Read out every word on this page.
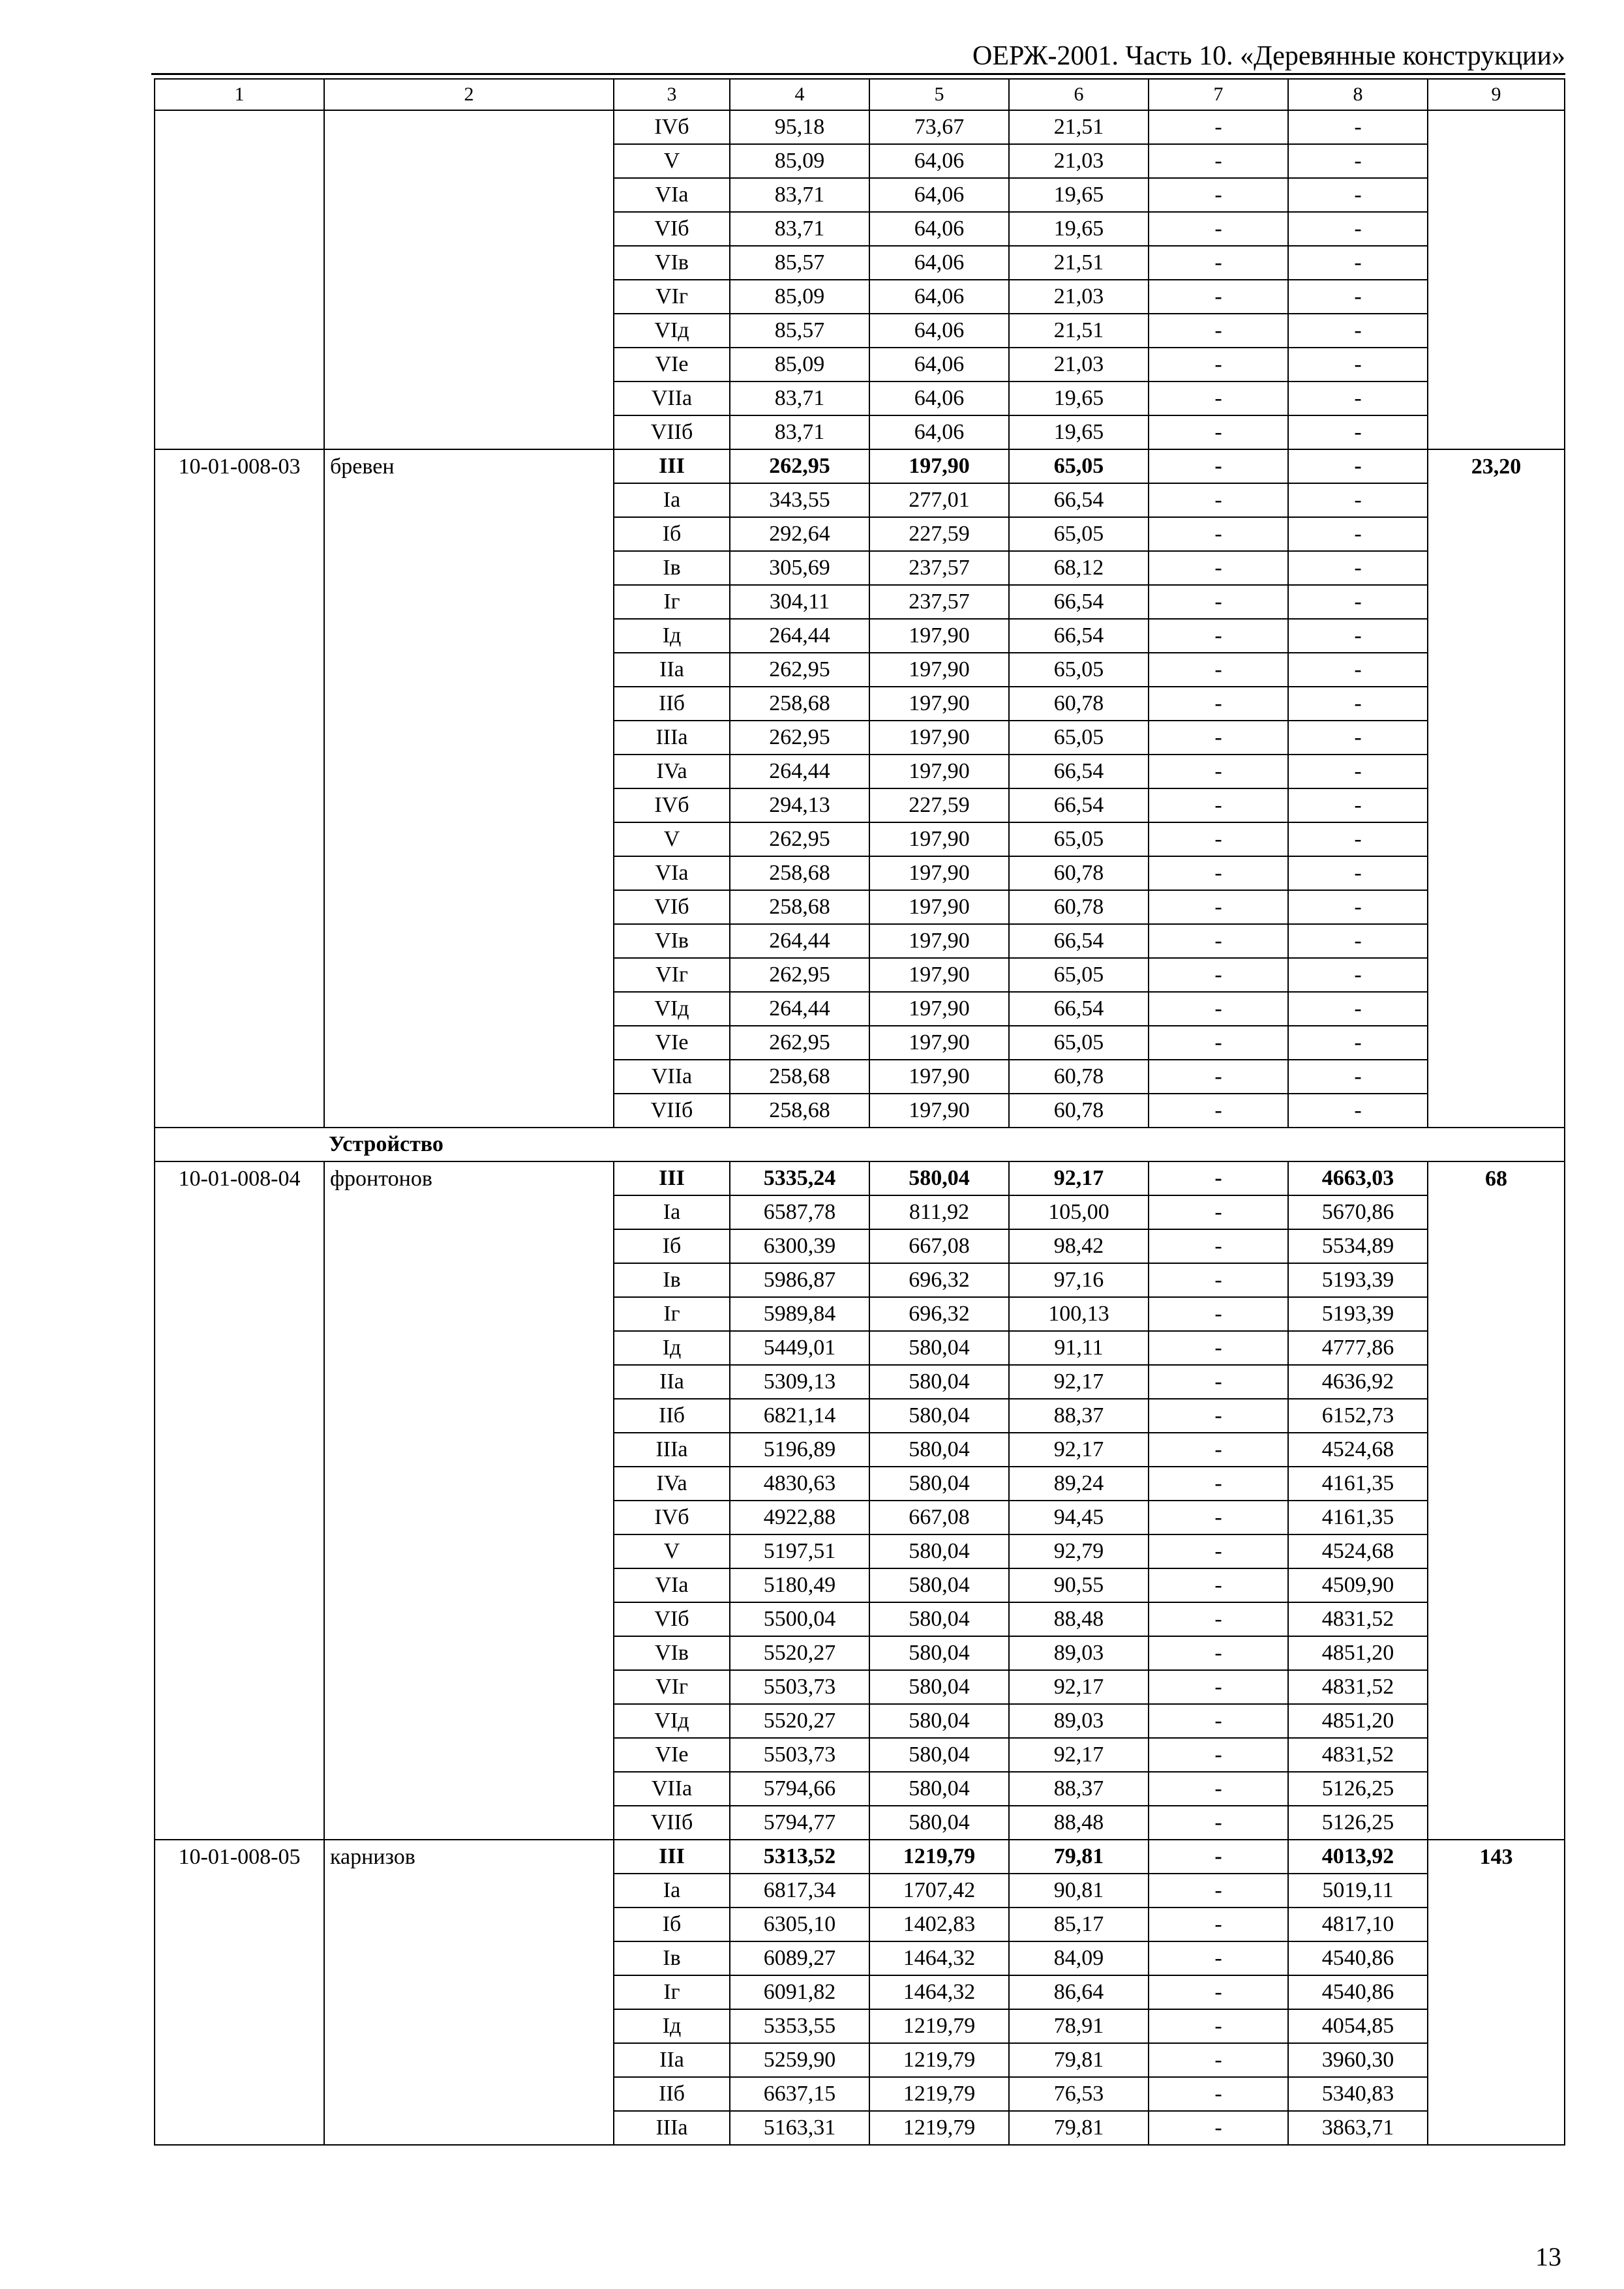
ОЕРЖ-2001. Часть 10. «Деревянные конструкции»
1	2	3	4	5	6	7	8	9
		IVб	95,18	73,67	21,51	-	-	
		V	85,09	64,06	21,03	-	-	
		VIa	83,71	64,06	19,65	-	-	
		VIб	83,71	64,06	19,65	-	-	
		VIв	85,57	64,06	21,51	-	-	
		VIг	85,09	64,06	21,03	-	-	
		VIд	85,57	64,06	21,51	-	-	
		VIe	85,09	64,06	21,03	-	-	
		VIIa	83,71	64,06	19,65	-	-	
		VIIб	83,71	64,06	19,65	-	-	
10-01-008-03	бревен	III	262,95	197,90	65,05	-	-	23,20
		Ia	343,55	277,01	66,54	-	-	
		Iб	292,64	227,59	65,05	-	-	
		Iв	305,69	237,57	68,12	-	-	
		Iг	304,11	237,57	66,54	-	-	
		Iд	264,44	197,90	66,54	-	-	
		IIa	262,95	197,90	65,05	-	-	
		IIб	258,68	197,90	60,78	-	-	
		IIIa	262,95	197,90	65,05	-	-	
		IVa	264,44	197,90	66,54	-	-	
		IVб	294,13	227,59	66,54	-	-	
		V	262,95	197,90	65,05	-	-	
		VIa	258,68	197,90	60,78	-	-	
		VIб	258,68	197,90	60,78	-	-	
		VIв	264,44	197,90	66,54	-	-	
		VIг	262,95	197,90	65,05	-	-	
		VIд	264,44	197,90	66,54	-	-	
		VIe	262,95	197,90	65,05	-	-	
		VIIa	258,68	197,90	60,78	-	-	
		VIIб	258,68	197,90	60,78	-	-	
Устройство								
10-01-008-04	фронтонов	III	5335,24	580,04	92,17	-	4663,03	68
		Ia	6587,78	811,92	105,00	-	5670,86	
		Iб	6300,39	667,08	98,42	-	5534,89	
		Iв	5986,87	696,32	97,16	-	5193,39	
		Iг	5989,84	696,32	100,13	-	5193,39	
		Iд	5449,01	580,04	91,11	-	4777,86	
		IIa	5309,13	580,04	92,17	-	4636,92	
		IIб	6821,14	580,04	88,37	-	6152,73	
		IIIa	5196,89	580,04	92,17	-	4524,68	
		IVa	4830,63	580,04	89,24	-	4161,35	
		IVб	4922,88	667,08	94,45	-	4161,35	
		V	5197,51	580,04	92,79	-	4524,68	
		VIa	5180,49	580,04	90,55	-	4509,90	
		VIб	5500,04	580,04	88,48	-	4831,52	
		VIв	5520,27	580,04	89,03	-	4851,20	
		VIг	5503,73	580,04	92,17	-	4831,52	
		VIд	5520,27	580,04	89,03	-	4851,20	
		VIe	5503,73	580,04	92,17	-	4831,52	
		VIIa	5794,66	580,04	88,37	-	5126,25	
		VIIб	5794,77	580,04	88,48	-	5126,25	
10-01-008-05	карнизов	III	5313,52	1219,79	79,81	-	4013,92	143
		Ia	6817,34	1707,42	90,81	-	5019,11	
		Iб	6305,10	1402,83	85,17	-	4817,10	
		Iв	6089,27	1464,32	84,09	-	4540,86	
		Iг	6091,82	1464,32	86,64	-	4540,86	
		Iд	5353,55	1219,79	78,91	-	4054,85	
		IIa	5259,90	1219,79	79,81	-	3960,30	
		IIб	6637,15	1219,79	76,53	-	5340,83	
		IIIa	5163,31	1219,79	79,81	-	3863,71	
13
